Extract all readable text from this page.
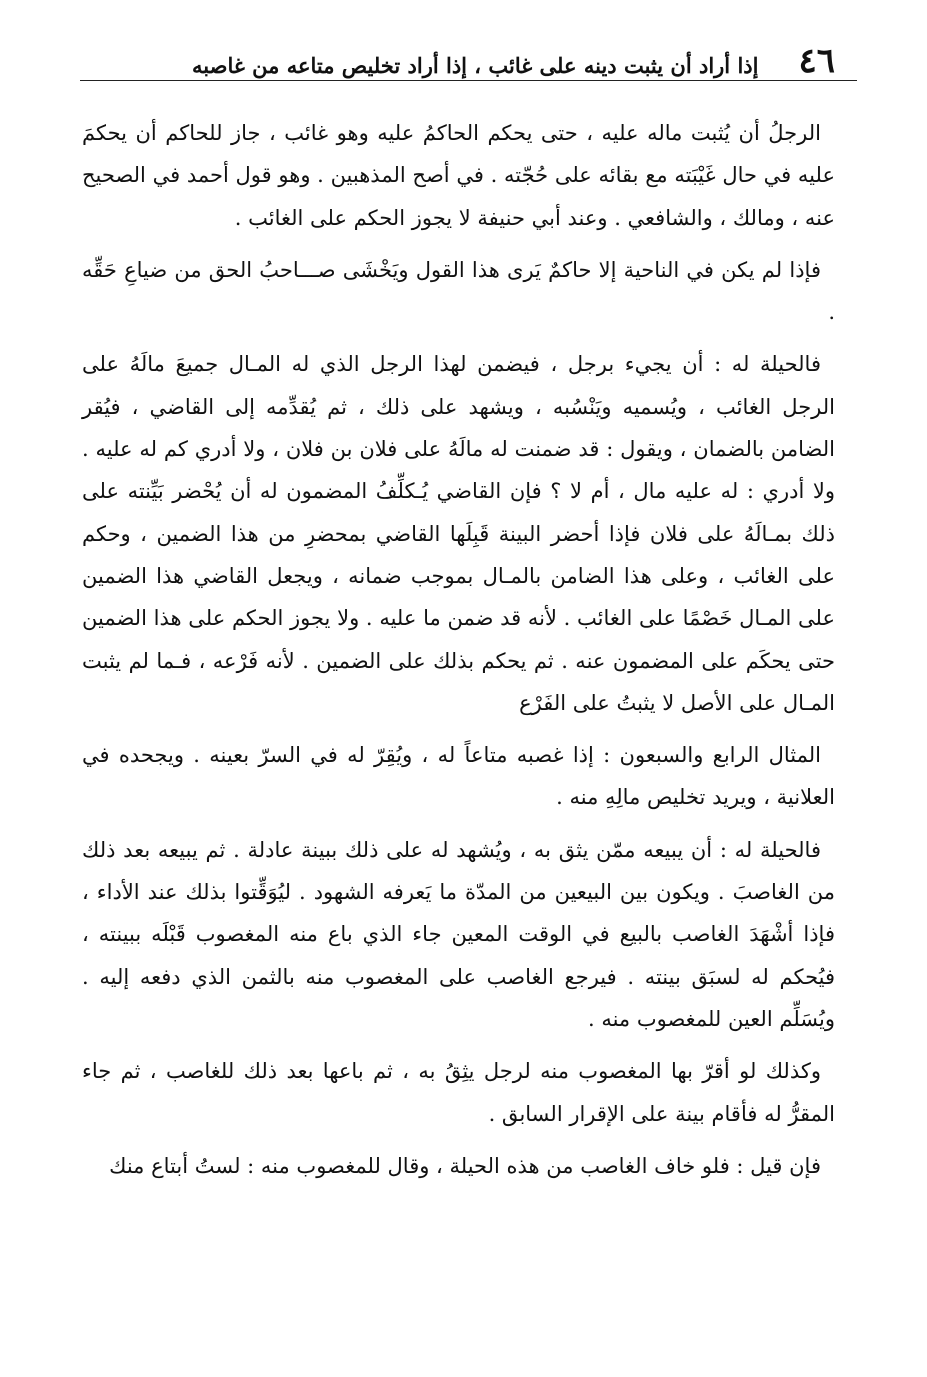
٤٦
إذا أراد أن يثبت دينه على غائب ، إذا أراد تخليص متاعه من غاصبه

الرجلُ أن يُثبت ماله عليه ، حتى يحكم الحاكمُ عليه وهو غائب ، جاز للحاكم أن يحكمَ عليه في حال غَيْبَته مع بقائه على حُجّته . في أصح المذهبين . وهو قول أحمد في الصحيح عنه ، ومالك ، والشافعي . وعند أبي حنيفة لا يجوز الحكم على الغائب .

فإذا لم يكن في الناحية إلا حاكمٌ يَرى هذا القول ويَخْشَى صـــاحبُ الحق من ضياعِ حَقِّه .

فالحيلة له : أن يجيء برجل ، فيضمن لهذا الرجل الذي له المـال جميعَ مالَهُ على الرجل الغائب ، ويُسميه ويَنْسُبه ، ويشهد على ذلك ، ثم يُقدِّمه إلى القاضي ، فيُقر الضامن بالضمان ، ويقول : قد ضمنت له مالَهُ على فلان بن فلان ، ولا أدري كم له عليه . ولا أدري : له عليه مال ، أم لا ؟ فإن القاضي يُـكلِّفُ المضمون له أن يُحْضر بَيِّنته على ذلك بمـالَهُ على فلان فإذا أحضر البينة قَبِلَها القاضي بمحضرِ من هذا الضمين ، وحكم على الغائب ، وعلى هذا الضامن بالمـال بموجب ضمانه ، ويجعل القاضي هذا الضمين على المـال خَصْمًا على الغائب . لأنه قد ضمن ما عليه . ولا يجوز الحكم على هذا الضمين حتى يحكَم على المضمون عنه . ثم يحكم بذلك على الضمين . لأنه فَرْعه ، فـما لم يثبت المـال على الأصل لا يثبتُ على الفَرْع

المثال الرابع والسبعون : إذا غصبه متاعاً له ، ويُقِرّ له في السرّ بعينه . ويجحده في العلانية ، ويريد تخليص مالِهِ منه .

فالحيلة له : أن يبيعه ممّن يثق به ، ويُشهد له على ذلك ببينة عادلة . ثم يبيعه بعد ذلك من الغاصبَ . ويكون بين البيعين من المدّة ما يَعرفه الشهود . ليُوَقِّتوا بذلك عند الأداء ، فإذا أشْهَدَ الغاصب بالبيع في الوقت المعين جاء الذي باع منه المغصوب قَبْلَه ببينته ، فيُحكم له لسبَق بينته . فيرجع الغاصب على المغصوب منه بالثمن الذي دفعه إليه . ويُسَلِّم العين للمغصوب منه .

وكذلك لو أقرّ بها المغصوب منه لرجل يثِقُ به ، ثم باعها بعد ذلك للغاصب ، ثم جاء المقرُّ له فأقام بينة على الإقرار السابق .

فإن قيل : فلو خاف الغاصب من هذه الحيلة ، وقال للمغصوب منه : لستُ أبتاع منك
